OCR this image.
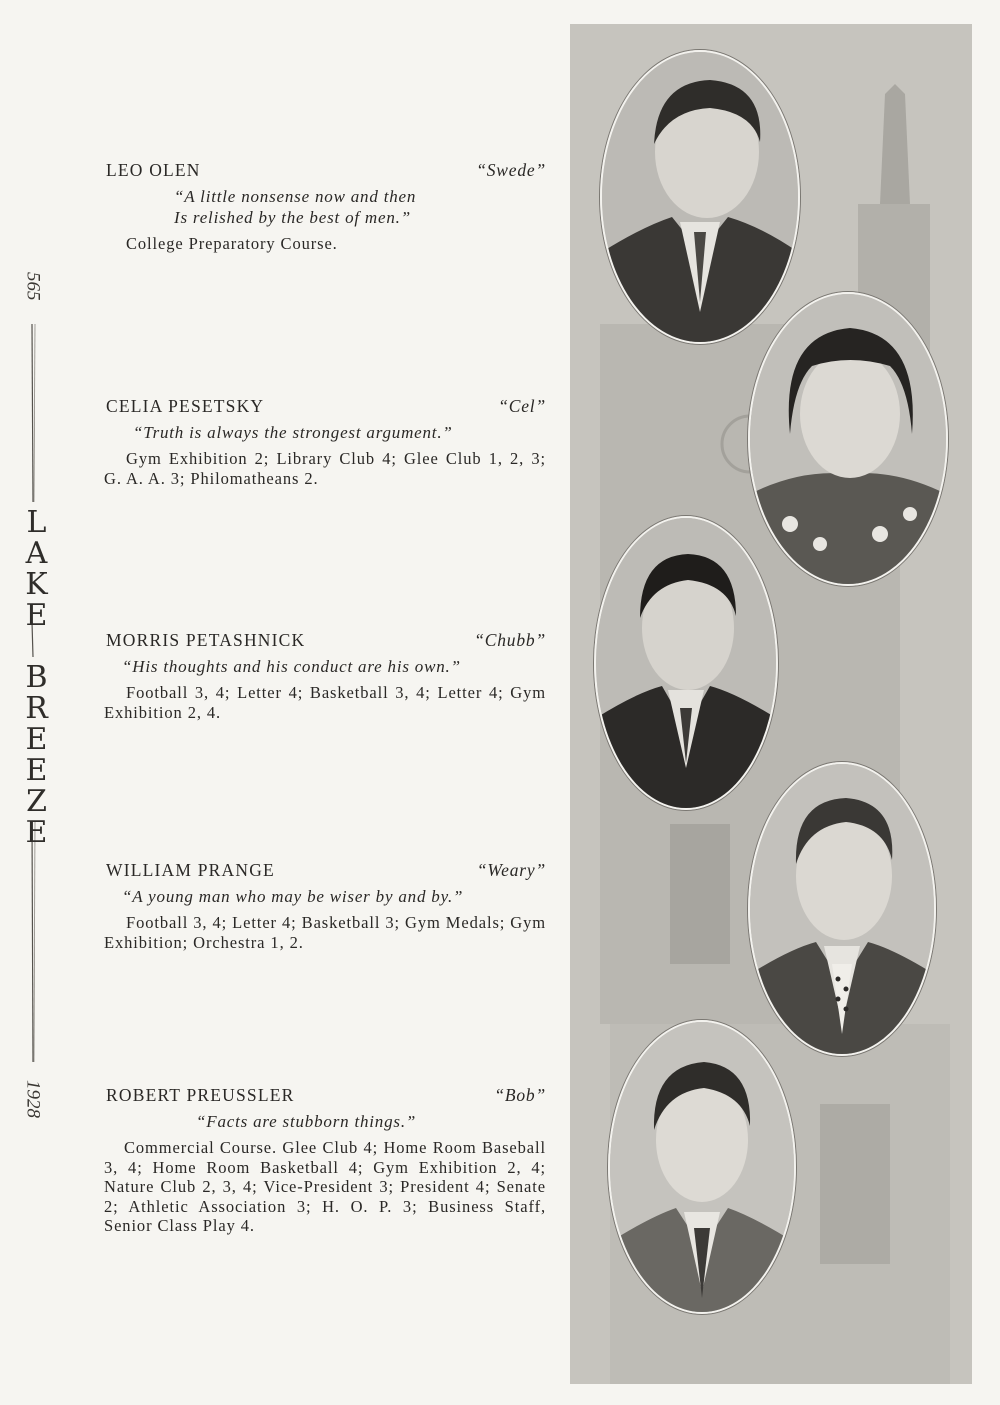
565
LAKE BREEZE
1928
LEO OLEN	“Swede”
“A little nonsense now and then
Is relished by the best of men.”
College Preparatory Course.
CELIA PESETSKY	“Cel”
“Truth is always the strongest argument.”
Gym Exhibition 2; Library Club 4; Glee Club 1, 2, 3; G. A. A. 3; Philomatheans 2.
MORRIS PETASHNICK	“Chubb”
“His thoughts and his conduct are his own.”
Football 3, 4; Letter 4; Basketball 3, 4; Letter 4; Gym Exhibition 2, 4.
WILLIAM PRANGE	“Weary”
“A young man who may be wiser by and by.”
Football 3, 4; Letter 4; Basketball 3; Gym Medals; Gym Exhibition; Orchestra 1, 2.
ROBERT PREUSSLER	“Bob”
“Facts are stubborn things.”
Commercial Course. Glee Club 4; Home Room Baseball 3, 4; Home Room Basketball 4; Gym Exhibition 2, 4; Nature Club 2, 3, 4; Vice-President 3; President 4; Senate 2; Athletic Association 3; H. O. P. 3; Business Staff, Senior Class Play 4.
